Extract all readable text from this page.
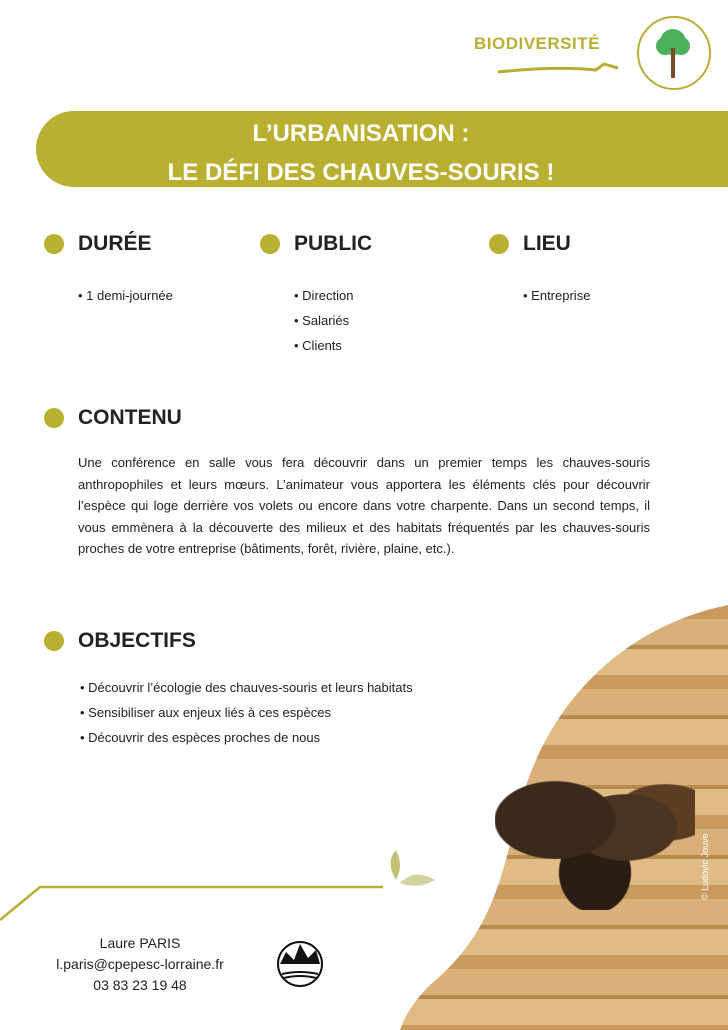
BIODIVERSITÉ
L’URBANISATION :
LE DÉFI DES CHAUVES-SOURIS !
DURÉE
• 1 demi-journée
PUBLIC
• Direction
• Salariés
• Clients
LIEU
• Entreprise
CONTENU

Une conférence en salle vous fera découvrir dans un premier temps les chauves-souris anthropophiles et leurs mœurs. L’animateur vous apportera les éléments clés pour découvrir l’espèce qui loge derrière vos volets ou encore dans votre charpente. Dans un second temps, il vous emmènera à la découverte des milieux et des habitats fréquentés par les chauves-souris proches de votre entreprise (bâtiments, forêt, rivière, plaine, etc.).

© Ludovic Jouve
OBJECTIFS
• Découvrir l’écologie des chauves-souris et leurs habitats
• Sensibiliser aux enjeux liés à ces espèces
• Découvrir des espèces proches de nous
Laure PARIS
l.paris@cpepesc-lorraine.fr
03 83 23 19 48
